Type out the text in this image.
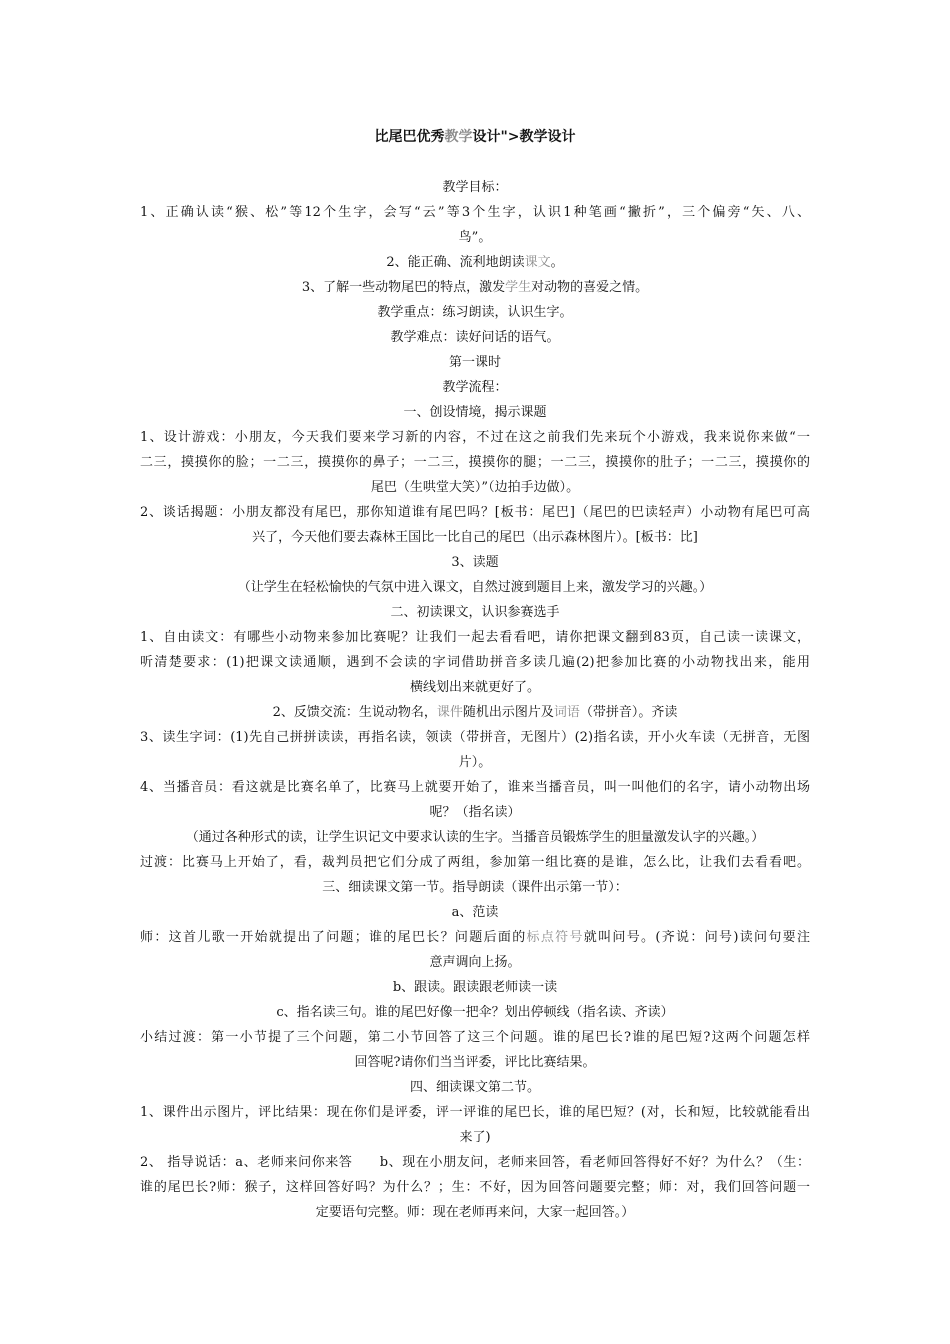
比尾巴优秀教学设计">教学设计
教学目标：
1、正确认读“猴、松”等12个生字，会写“云”等3个生字，认识1种笔画“撇折”，三个偏旁“矢、八、
鸟”。
2、能正确、流利地朗读课文。
3、了解一些动物尾巴的特点，激发学生对动物的喜爱之情。
教学重点：练习朗读，认识生字。
教学难点：读好问话的语气。
第一课时
教学流程：
一、创设情境，揭示课题
1、设计游戏：小朋友，今天我们要来学习新的内容，不过在这之前我们先来玩个小游戏，我来说你来做“一
二三，摸摸你的脸；一二三，摸摸你的鼻子；一二三，摸摸你的腿；一二三，摸摸你的肚子；一二三，摸摸你的
尾巴（生哄堂大笑）”（边拍手边做）。
2、谈话揭题：小朋友都没有尾巴，那你知道谁有尾巴吗？[板书：尾巴]（尾巴的巴读轻声）小动物有尾巴可高
兴了，今天他们要去森林王国比一比自己的尾巴（出示森林图片）。[板书：比]
3、读题
（让学生在轻松愉快的气氛中进入课文，自然过渡到题目上来，激发学习的兴趣。）
二、初读课文，认识参赛选手
1、自由读文：有哪些小动物来参加比赛呢？让我们一起去看看吧，请你把课文翻到83页，自己读一读课文，
听清楚要求：(1)把课文读通顺，遇到不会读的字词借助拼音多读几遍(2)把参加比赛的小动物找出来，能用
横线划出来就更好了。
2、反馈交流：生说动物名，课件随机出示图片及词语（带拼音）。齐读
3、读生字词：(1)先自己拼拼读读，再指名读，领读（带拼音，无图片）(2)指名读，开小火车读（无拼音，无图
片）。
4、当播音员：看这就是比赛名单了，比赛马上就要开始了，谁来当播音员，叫一叫他们的名字，请小动物出场
呢？（指名读）
（通过各种形式的读，让学生识记文中要求认读的生字。当播音员锻炼学生的胆量激发认字的兴趣。）
过渡：比赛马上开始了，看，裁判员把它们分成了两组，参加第一组比赛的是谁，怎么比，让我们去看看吧。
三、细读课文第一节。指导朗读（课件出示第一节）：
a、范读
师：这首儿歌一开始就提出了问题；谁的尾巴长？问题后面的标点符号就叫问号。(齐说：问号)读问句要注
意声调向上扬。
b、跟读。跟读跟老师读一读
c、指名读三句。谁的尾巴好像一把伞？划出停顿线（指名读、齐读）
小结过渡：第一小节提了三个问题，第二小节回答了这三个问题。谁的尾巴长?谁的尾巴短?这两个问题怎样
回答呢?请你们当当评委，评比比赛结果。
四、细读课文第二节。
1、课件出示图片，评比结果：现在你们是评委，评一评谁的尾巴长，谁的尾巴短？(对，长和短，比较就能看出
来了)
2、 指导说话：a、老师来问你来答　　b、现在小朋友问，老师来回答，看老师回答得好不好？为什么？（生：
谁的尾巴长?师：猴子，这样回答好吗？为什么？；生：不好，因为回答问题要完整；师：对，我们回答问题一
定要语句完整。师：现在老师再来问，大家一起回答。）
